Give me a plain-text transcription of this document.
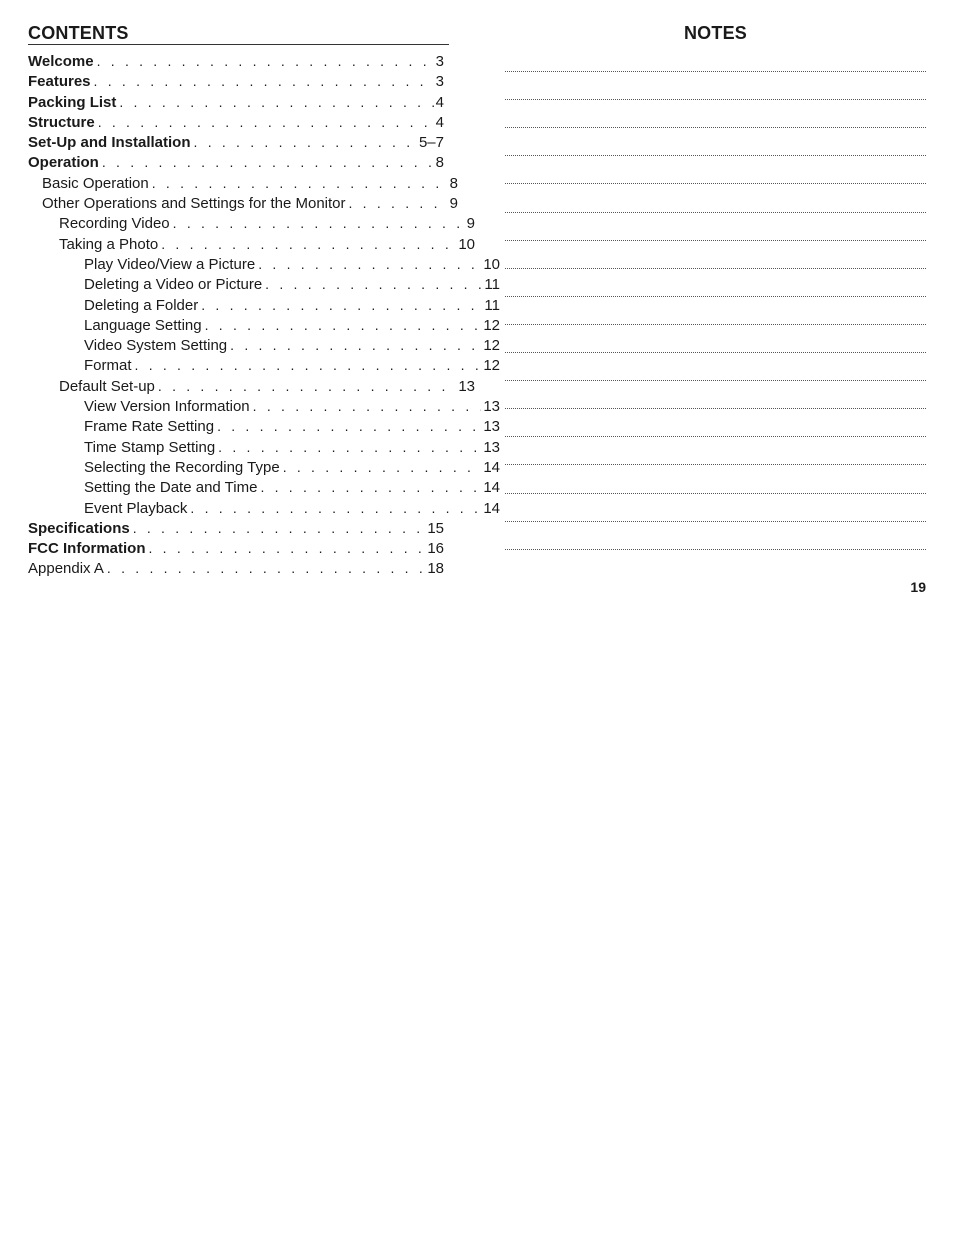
CONTENTS
Welcome . . .	3
Features . . .	3
Packing List . . .	4
Structure . . .	4
Set-Up and Installation . . .	5–7
Operation . . .	8
Basic Operation . . .	8
Other Operations and Settings for the Monitor . . .	9
Recording Video . . .	9
Taking a Photo . . .	10
Play Video/View a Picture . . .	10
Deleting a Video or Picture . . .	11
Deleting a Folder . . .	11
Language Setting . . .	12
Video System Setting . . .	12
Format . . .	12
Default Set-up . . .	13
View Version Information . . .	13
Frame Rate Setting . . .	13
Time Stamp Setting . . .	13
Selecting the Recording Type . . .	14
Setting the Date and Time . . .	14
Event Playback . . .	14
Specifications . . .	15
FCC Information . . .	16
Appendix A . . .	18
NOTES
19
